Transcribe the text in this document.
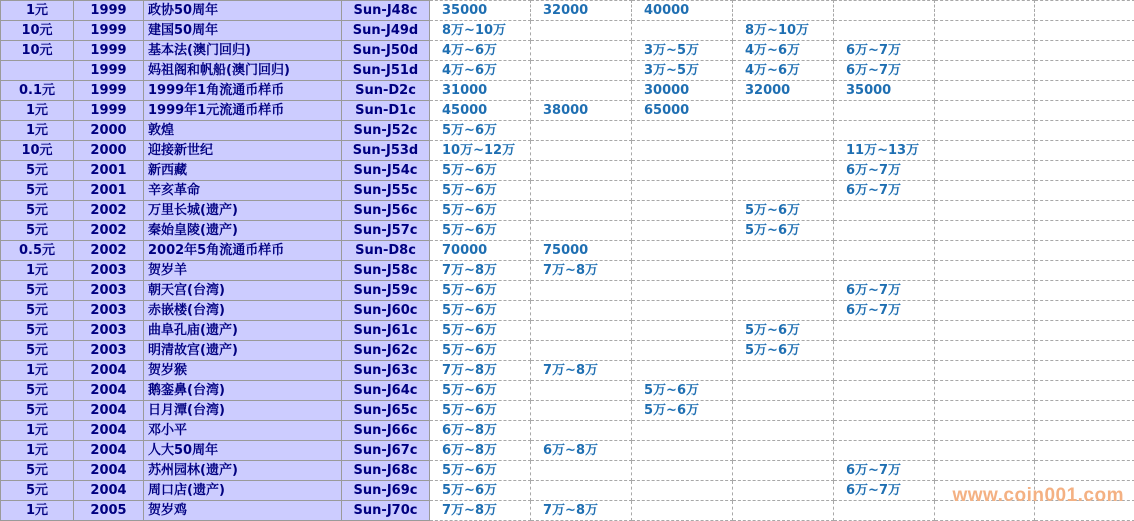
1元	1999	政协50周年	Sun-J48c	35000	32000	40000				
10元	1999	建国50周年	Sun-J49d	8万~10万			8万~10万			
10元	1999	基本法(澳门回归)	Sun-J50d	4万~6万		3万~5万	4万~6万	6万~7万		
	1999	妈祖阁和帆船(澳门回归)	Sun-J51d	4万~6万		3万~5万	4万~6万	6万~7万		
0.1元	1999	1999年1角流通币样币	Sun-D2c	31000		30000	32000	35000		
1元	1999	1999年1元流通币样币	Sun-D1c	45000	38000	65000				
1元	2000	敦煌	Sun-J52c	5万~6万						
10元	2000	迎接新世纪	Sun-J53d	10万~12万				11万~13万		
5元	2001	新西藏	Sun-J54c	5万~6万				6万~7万		
5元	2001	辛亥革命	Sun-J55c	5万~6万				6万~7万		
5元	2002	万里长城(遗产)	Sun-J56c	5万~6万			5万~6万			
5元	2002	秦始皇陵(遗产)	Sun-J57c	5万~6万			5万~6万			
0.5元	2002	2002年5角流通币样币	Sun-D8c	70000	75000					
1元	2003	贺岁羊	Sun-J58c	7万~8万	7万~8万					
5元	2003	朝天宫(台湾)	Sun-J59c	5万~6万				6万~7万		
5元	2003	赤嵌楼(台湾)	Sun-J60c	5万~6万				6万~7万		
5元	2003	曲阜孔庙(遗产)	Sun-J61c	5万~6万			5万~6万			
5元	2003	明清故宫(遗产)	Sun-J62c	5万~6万			5万~6万			
1元	2004	贺岁猴	Sun-J63c	7万~8万	7万~8万					
5元	2004	鹅銮鼻(台湾)	Sun-J64c	5万~6万		5万~6万				
5元	2004	日月潭(台湾)	Sun-J65c	5万~6万		5万~6万				
1元	2004	邓小平	Sun-J66c	6万~8万						
1元	2004	人大50周年	Sun-J67c	6万~8万	6万~8万					
5元	2004	苏州园林(遗产)	Sun-J68c	5万~6万				6万~7万		
5元	2004	周口店(遗产)	Sun-J69c	5万~6万				6万~7万		
1元	2005	贺岁鸡	Sun-J70c	7万~8万	7万~8万					
www.coin001.com
